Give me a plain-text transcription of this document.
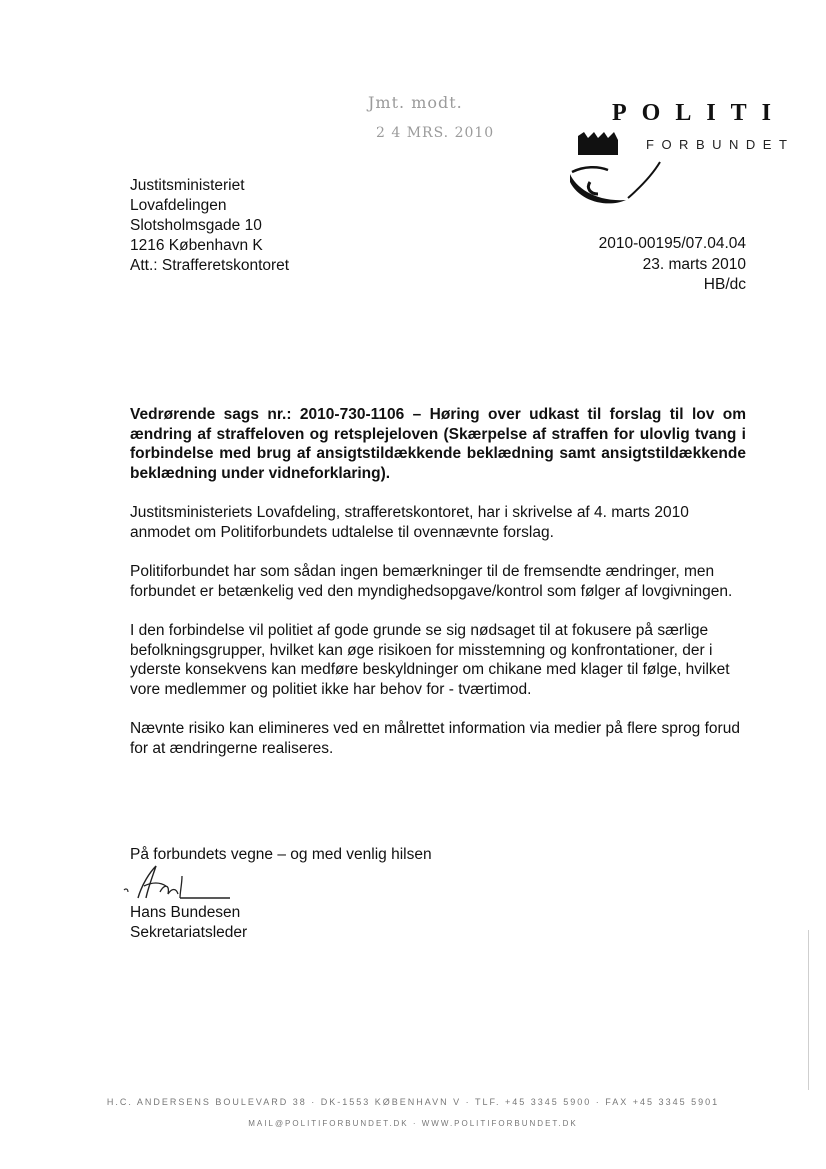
Jmt. modt.
2 4 MRS. 2010
POLITI
FORBUNDET
Justitsministeriet
Lovafdelingen
Slotsholmsgade 10
1216 København K
Att.: Strafferetskontoret
2010-00195/07.04.04
23. marts 2010
HB/dc

Vedrørende sags nr.: 2010-730-1106 – Høring over udkast til forslag til lov om ændring af straffeloven og retsplejeloven (Skærpelse af straffen for ulovlig tvang i forbindelse med brug af ansigtstildækkende beklædning samt ansigtstildækkende beklædning under vidneforklaring).

Justitsministeriets Lovafdeling, strafferetskontoret, har i skrivelse af 4. marts 2010 anmodet om Politiforbundets udtalelse til ovennævnte forslag.

Politiforbundet har som sådan ingen bemærkninger til de fremsendte ændringer, men forbundet er betænkelig ved den myndighedsopgave/kontrol som følger af lovgivningen.

I den forbindelse vil politiet af gode grunde se sig nødsaget til at fokusere på særlige befolkningsgrupper, hvilket kan øge risikoen for misstemning og konfrontationer, der i yderste konsekvens kan medføre beskyldninger om chikane med klager til følge, hvilket vore medlemmer og politiet ikke har behov for - tværtimod.

Nævnte risiko kan elimineres ved en målrettet information via medier på flere sprog forud for at ændringerne realiseres.

På forbundets vegne – og med venlig hilsen
Hans Bundesen
Sekretariatsleder
H.C. ANDERSENS BOULEVARD 38 · DK-1553 KØBENHAVN V · TLF. +45 3345 5900 · FAX +45 3345 5901
MAIL@POLITIFORBUNDET.DK · WWW.POLITIFORBUNDET.DK
